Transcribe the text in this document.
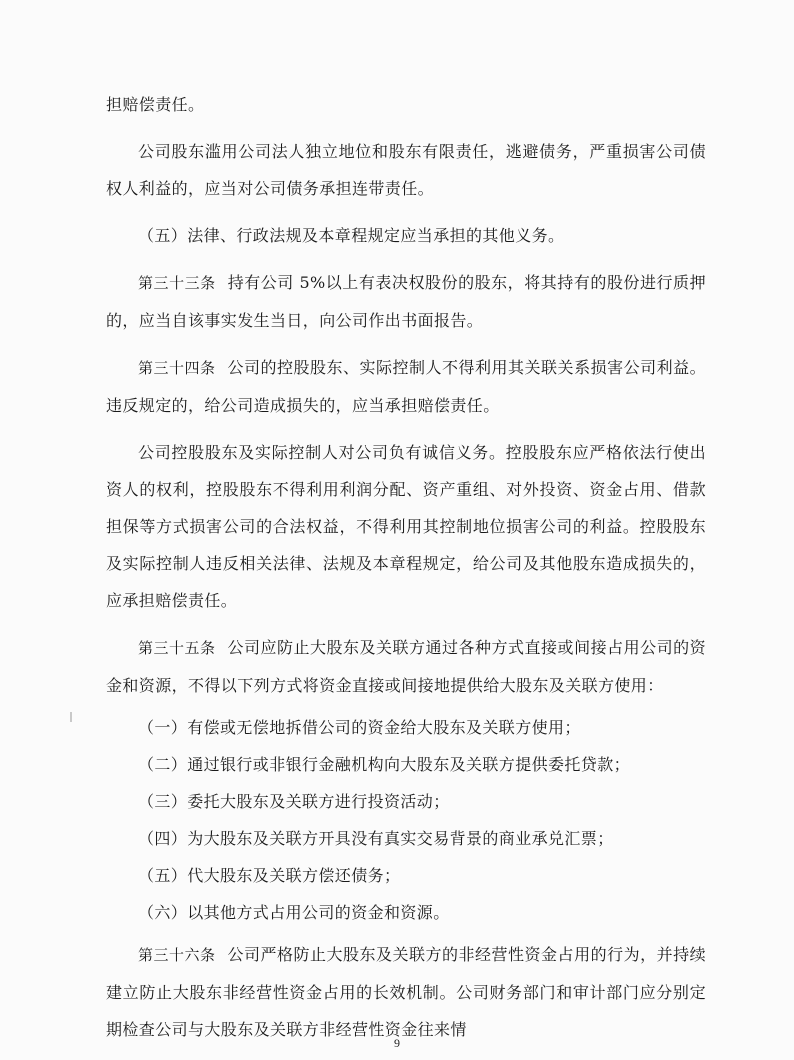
担赔偿责任。

公司股东滥用公司法人独立地位和股东有限责任，逃避债务，严重损害公司债权人利益的，应当对公司债务承担连带责任。

（五）法律、行政法规及本章程规定应当承担的其他义务。

第三十三条 持有公司 5%以上有表决权股份的股东，将其持有的股份进行质押的，应当自该事实发生当日，向公司作出书面报告。

第三十四条 公司的控股股东、实际控制人不得利用其关联关系损害公司利益。违反规定的，给公司造成损失的，应当承担赔偿责任。

公司控股股东及实际控制人对公司负有诚信义务。控股股东应严格依法行使出资人的权利，控股股东不得利用利润分配、资产重组、对外投资、资金占用、借款担保等方式损害公司的合法权益，不得利用其控制地位损害公司的利益。控股股东及实际控制人违反相关法律、法规及本章程规定，给公司及其他股东造成损失的，应承担赔偿责任。

第三十五条 公司应防止大股东及关联方通过各种方式直接或间接占用公司的资金和资源，不得以下列方式将资金直接或间接地提供给大股东及关联方使用：

（一）有偿或无偿地拆借公司的资金给大股东及关联方使用；

（二）通过银行或非银行金融机构向大股东及关联方提供委托贷款；

（三）委托大股东及关联方进行投资活动；

（四）为大股东及关联方开具没有真实交易背景的商业承兑汇票；

（五）代大股东及关联方偿还债务；

（六）以其他方式占用公司的资金和资源。

第三十六条 公司严格防止大股东及关联方的非经营性资金占用的行为，并持续建立防止大股东非经营性资金占用的长效机制。公司财务部门和审计部门应分别定期检查公司与大股东及关联方非经营性资金往来情

9
